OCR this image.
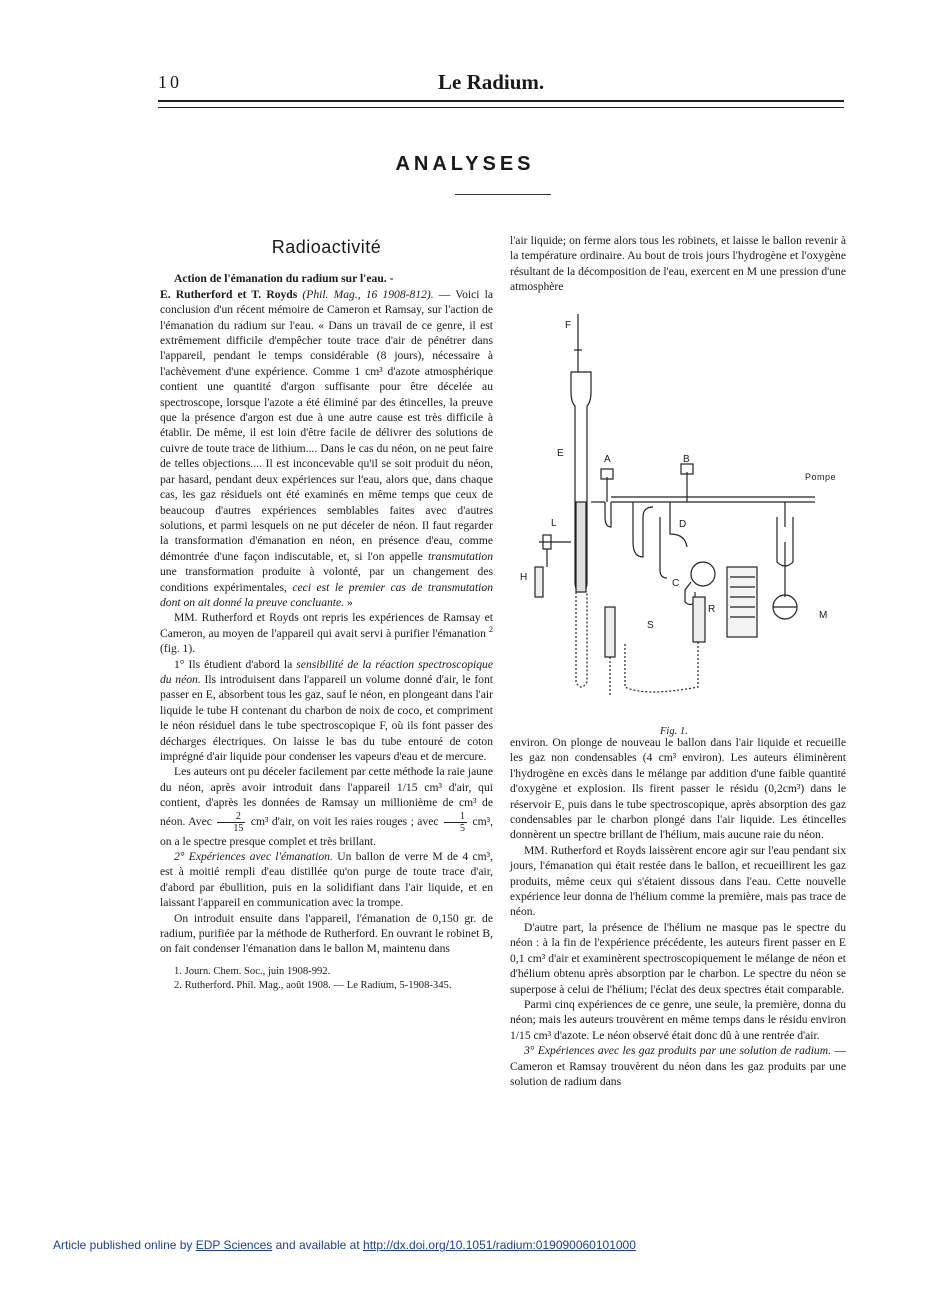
10	Le Radium.
ANALYSES
Radioactivité

Action de l'émanation du radium sur l'eau. -
E. Rutherford et T. Royds (Phil. Mag., 16 1908-812). — Voici la conclusion d'un récent mémoire de Cameron et Ramsay, sur l'action de l'émanation du radium sur l'eau. « Dans un travail de ce genre, il est extrêmement difficile d'empêcher toute trace d'air de pénétrer dans l'appareil, pendant le temps considérable (8 jours), nécessaire à l'achèvement d'une expérience. Comme 1 cm³ d'azote atmosphérique contient une quantité d'argon suffisante pour être décelée au spectroscope, lorsque l'azote a été éliminé par des étincelles, la preuve que la présence d'argon est due à une autre cause est très difficile à établir. De même, il est loin d'être facile de délivrer des solutions de cuivre de toute trace de lithium.... Dans le cas du néon, on ne peut faire de telles objections.... Il est inconcevable qu'il se soit produit du néon, par hasard, pendant deux expériences sur l'eau, alors que, dans chaque cas, les gaz résiduels ont été examinés en même temps que ceux de beaucoup d'autres expériences semblables faites avec d'autres solutions, et parmi lesquels on ne put déceler de néon. Il faut regarder la transformation d'émanation en néon, en présence d'eau, comme démontrée d'une façon indiscutable, et, si l'on appelle transmutation une transformation produite à volonté, par un changement des conditions expérimentales, ceci est le premier cas de transmutation dont on ait donné la preuve concluante. »

MM. Rutherford et Royds ont repris les expériences de Ramsay et Cameron, au moyen de l'appareil qui avait servi à purifier l'émanation $^2$ (fig. 1).

1° Ils étudient d'abord la sensibilité de la réaction spectroscopique du néon. Ils introduisent dans l'appareil un volume donné d'air, le font passer en E, absorbent tous les gaz, sauf le néon, en plongeant dans l'air liquide le tube H contenant du charbon de noix de coco, et compriment le néon résiduel dans le tube spectroscopique F, où ils font passer des décharges électriques. On laisse le bas du tube entouré de coton imprégné d'air liquide pour condenser les vapeurs d'eau et de mercure.

Les auteurs ont pu déceler facilement par cette méthode la raie jaune du néon, après avoir introduit dans l'appareil 1/15 cm³ d'air, qui contient, d'après les données de Ramsay un millionième de cm³ de néon. Avec $\frac{2}{15} cm^3$ d'air, on voit les raies rouges ; avec $\frac{1}{5} cm^3$, on a le spectre presque complet et très brillant.

2° Expériences avec l'émanation. Un ballon de verre M de 4 cm³, est à moitié rempli d'eau distillée qu'on purge de toute trace d'air, d'abord par ébullition, puis en la solidifiant dans l'air liquide, et en laissant l'appareil en communication avec la trompe.

On introduit ensuite dans l'appareil, l'émanation de 0,150 gr. de radium, purifiée par la méthode de Rutherford. En ouvrant le robinet B, on fait condenser l'émanation dans le ballon M, maintenu dans

1. Journ. Chem. Soc., juin 1908-992.
2. Rutherford. Phil. Mag., août 1908. — Le Radium, 5-1908-345.

l'air liquide; on ferme alors tous les robinets, et laisse le ballon revenir à la température ordinaire. Au bout de trois jours l'hydrogène et l'oxygène résultant de la décomposition de l'eau, exercent en M une pression d'une atmosphère

F
E
A	B
L
H
D
C
R
S
M
Pompe
Fig. 1.

environ. On plonge de nouveau le ballon dans l'air liquide et recueille les gaz non condensables (4 cm³ environ). Les auteurs éliminèrent l'hydrogène en excès dans le mélange par addition d'une faible quantité d'oxygène et explosion. Ils firent passer le résidu (0,2cm³) dans le réservoir E, puis dans le tube spectroscopique, après absorption des gaz condensables par le charbon plongé dans l'air liquide. Les étincelles donnèrent un spectre brillant de l'hélium, mais aucune raie du néon.

MM. Rutherford et Royds laissèrent encore agir sur l'eau pendant six jours, l'émanation qui était restée dans le ballon, et recueillirent les gaz produits, même ceux qui s'étaient dissous dans l'eau. Cette nouvelle expérience leur donna de l'hélium comme la première, mais pas trace de néon.

D'autre part, la présence de l'hélium ne masque pas le spectre du néon : à la fin de l'expérience précédente, les auteurs firent passer en E 0,1 cm³ d'air et examinèrent spectroscopiquement le mélange de néon et d'hélium obtenu après absorption par le charbon. Le spectre du néon se superpose à celui de l'hélium; l'éclat des deux spectres était comparable.

Parmi cinq expériences de ce genre, une seule, la première, donna du néon; mais les auteurs trouvèrent en même temps dans le résidu environ 1/15 cm³ d'azote. Le néon observé était donc dû à une rentrée d'air.

3° Expériences avec les gaz produits par une solution de radium. — Cameron et Ramsay trouvèrent du néon dans les gaz produits par une solution de radium dans

Article published online by EDP Sciences and available at http://dx.doi.org/10.1051/radium:019090060101000
